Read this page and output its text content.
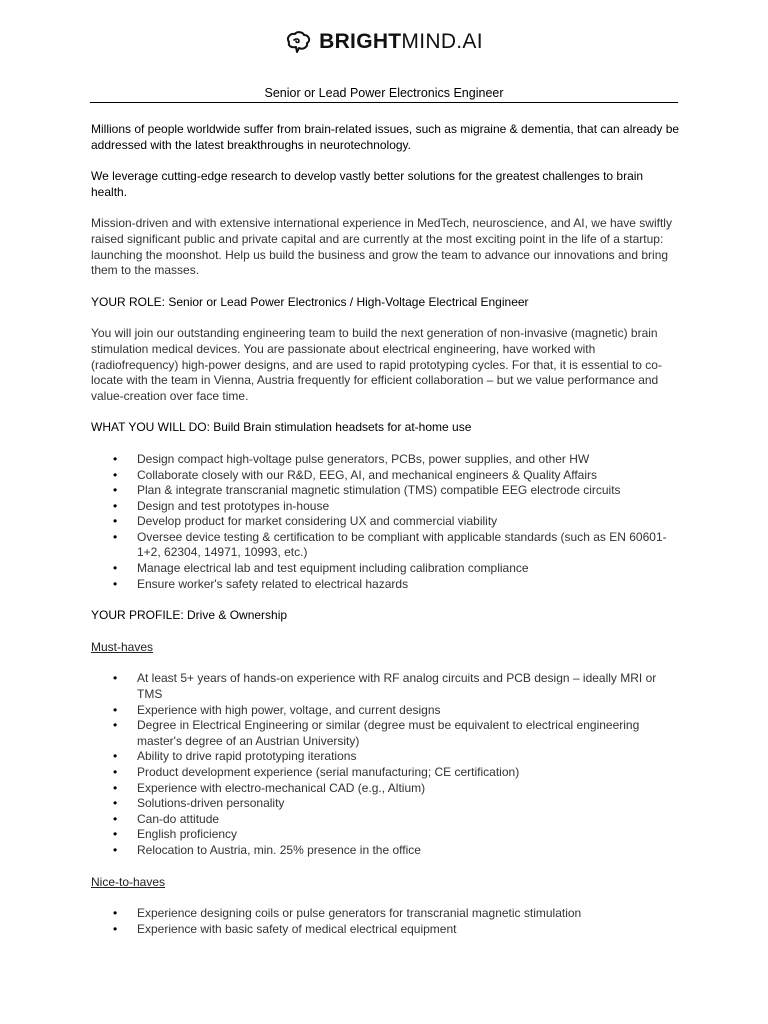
BRIGHTMIND.AI
Senior or Lead Power Electronics Engineer

Millions of people worldwide suffer from brain-related issues, such as migraine & dementia, that can already be addressed with the latest breakthroughs in neurotechnology.

We leverage cutting-edge research to develop vastly better solutions for the greatest challenges to brain health.

Mission-driven and with extensive international experience in MedTech, neuroscience, and AI, we have swiftly raised significant public and private capital and are currently at the most exciting point in the life of a startup: launching the moonshot. Help us build the business and grow the team to advance our innovations and bring them to the masses.

YOUR ROLE: Senior or Lead Power Electronics / High-Voltage Electrical Engineer

You will join our outstanding engineering team to build the next generation of non-invasive (magnetic) brain stimulation medical devices. You are passionate about electrical engineering, have worked with (radiofrequency) high-power designs, and are used to rapid prototyping cycles. For that, it is essential to co-locate with the team in Vienna, Austria frequently for efficient collaboration – but we value performance and value-creation over face time.

WHAT YOU WILL DO: Build Brain stimulation headsets for at-home use

• Design compact high-voltage pulse generators, PCBs, power supplies, and other HW
• Collaborate closely with our R&D, EEG, AI, and mechanical engineers & Quality Affairs
• Plan & integrate transcranial magnetic stimulation (TMS) compatible EEG electrode circuits
• Design and test prototypes in-house
• Develop product for market considering UX and commercial viability
• Oversee device testing & certification to be compliant with applicable standards (such as EN 60601-1+2, 62304, 14971, 10993, etc.)
• Manage electrical lab and test equipment including calibration compliance
• Ensure worker's safety related to electrical hazards

YOUR PROFILE: Drive & Ownership

Must-haves

• At least 5+ years of hands-on experience with RF analog circuits and PCB design – ideally MRI or TMS
• Experience with high power, voltage, and current designs
• Degree in Electrical Engineering or similar (degree must be equivalent to electrical engineering master's degree of an Austrian University)
• Ability to drive rapid prototyping iterations
• Product development experience (serial manufacturing; CE certification)
• Experience with electro-mechanical CAD (e.g., Altium)
• Solutions-driven personality
• Can-do attitude
• English proficiency
• Relocation to Austria, min. 25% presence in the office

Nice-to-haves

• Experience designing coils or pulse generators for transcranial magnetic stimulation
• Experience with basic safety of medical electrical equipment
